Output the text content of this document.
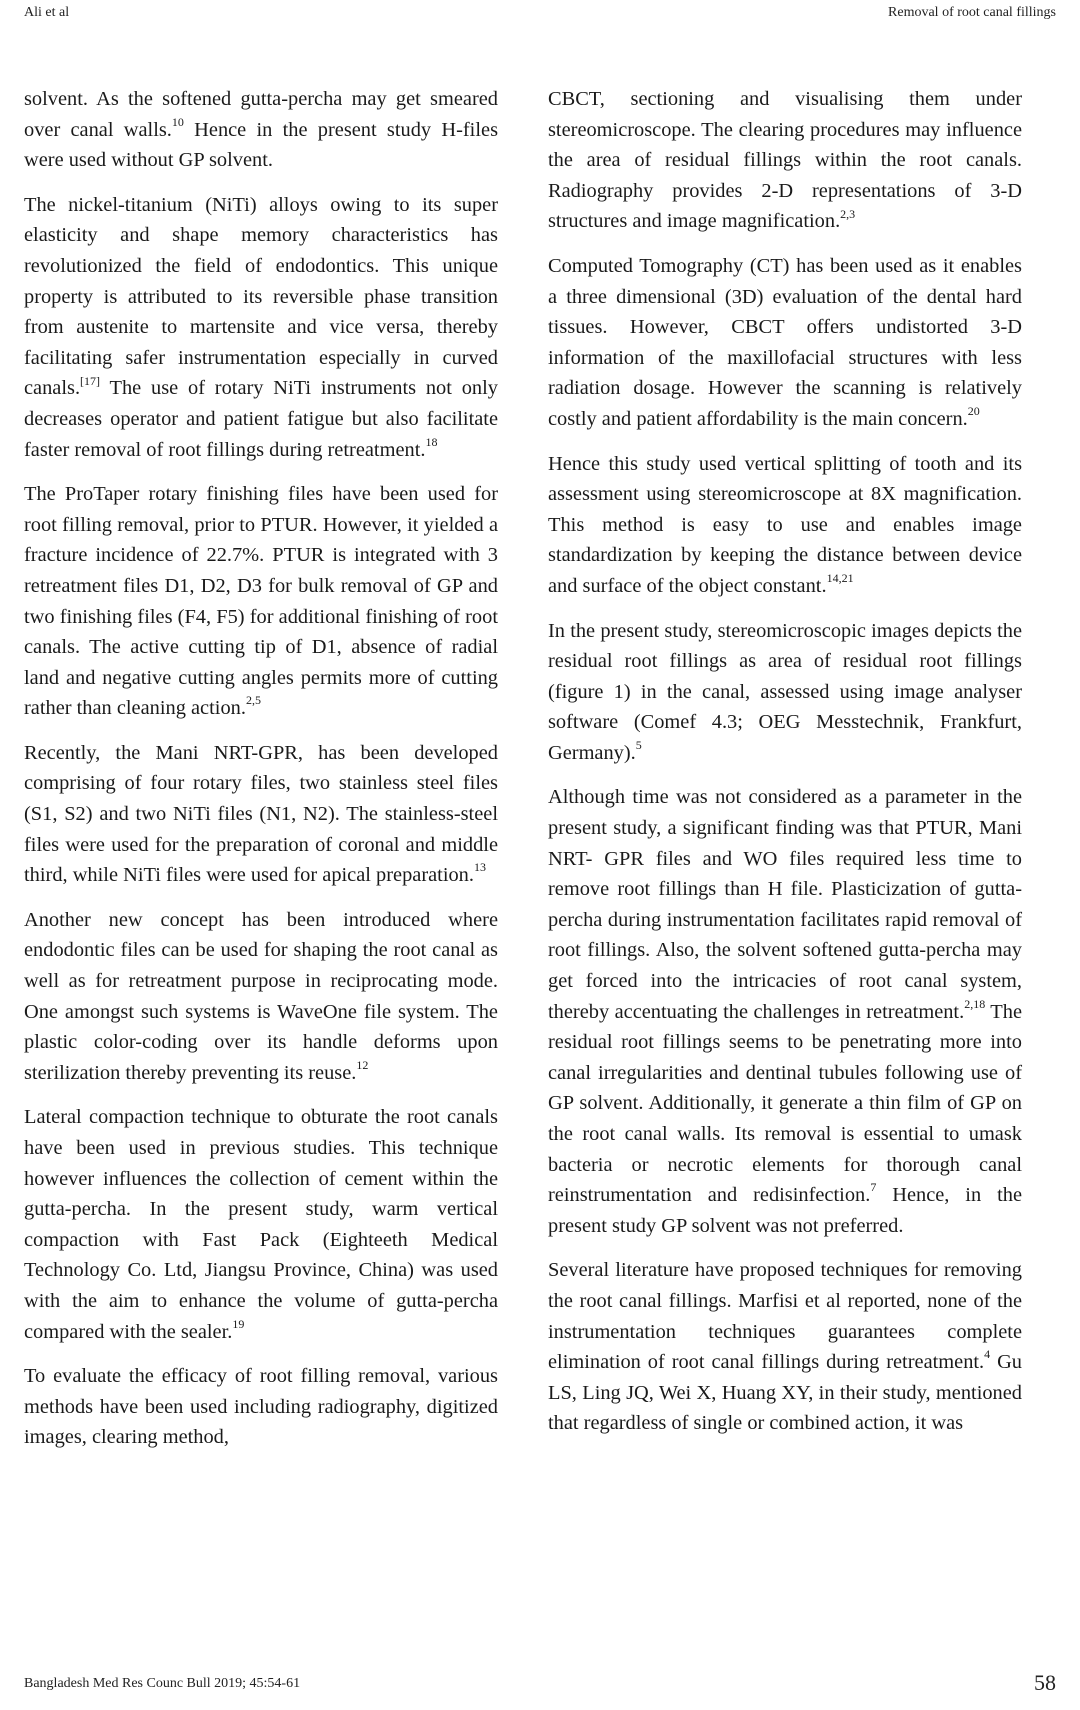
Ali et al	Removal of root canal fillings

solvent. As the softened gutta-percha may get smeared over canal walls.$^{10}$ Hence in the present study H-files were used without GP solvent.

The nickel-titanium (NiTi) alloys owing to its super elasticity and shape memory characteristics has revolutionized the field of endodontics. This unique property is attributed to its reversible phase transition from austenite to martensite and vice versa, thereby facilitating safer instrumentation especially in curved canals.[17] The use of rotary NiTi instruments not only decreases operator and patient fatigue but also facilitate faster removal of root fillings during retreatment.$^{18}$

The ProTaper rotary finishing files have been used for root filling removal, prior to PTUR. However, it yielded a fracture incidence of 22.7%. PTUR is integrated with 3 retreatment files D1, D2, D3 for bulk removal of GP and two finishing files (F4, F5) for additional finishing of root canals. The active cutting tip of D1, absence of radial land and negative cutting angles permits more of cutting rather than cleaning action.$^{2,5}$

Recently, the Mani NRT-GPR, has been developed comprising of four rotary files, two stainless steel files (S1, S2) and two NiTi files (N1, N2). The stainless-steel files were used for the preparation of coronal and middle third, while NiTi files were used for apical preparation.$^{13}$

Another new concept has been introduced where endodontic files can be used for shaping the root canal as well as for retreatment purpose in reciprocating mode. One amongst such systems is WaveOne file system. The plastic color-coding over its handle deforms upon sterilization thereby preventing its reuse.$^{12}$

Lateral compaction technique to obturate the root canals have been used in previous studies. This technique however influences the collection of cement within the gutta-percha. In the present study, warm vertical compaction with Fast Pack (Eighteeth Medical Technology Co. Ltd, Jiangsu Province, China) was used with the aim to enhance the volume of gutta-percha compared with the sealer.$^{19}$

To evaluate the efficacy of root filling removal, various methods have been used including radiography, digitized images, clearing method,

CBCT, sectioning and visualising them under stereomicroscope. The clearing procedures may influence the area of residual fillings within the root canals. Radiography provides 2-D representations of 3-D structures and image magnification.$^{2,3}$

Computed Tomography (CT) has been used as it enables a three dimensional (3D) evaluation of the dental hard tissues. However, CBCT offers undistorted 3-D information of the maxillofacial structures with less radiation dosage. However the scanning is relatively costly and patient affordability is the main concern.$^{20}$

Hence this study used vertical splitting of tooth and its assessment using stereomicroscope at 8X magnification. This method is easy to use and enables image standardization by keeping the distance between device and surface of the object constant.$^{14,21}$

In the present study, stereomicroscopic images depicts the residual root fillings as area of residual root fillings (figure 1) in the canal, assessed using image analyser software (Comef 4.3; OEG Messtechnik, Frankfurt, Germany).$^5$

Although time was not considered as a parameter in the present study, a significant finding was that PTUR, Mani NRT- GPR files and WO files required less time to remove root fillings than H file. Plasticization of gutta-percha during instrumentation facilitates rapid removal of root fillings. Also, the solvent softened gutta-percha may get forced into the intricacies of root canal system, thereby accentuating the challenges in retreatment.$^{2,18}$ The residual root fillings seems to be penetrating more into canal irregularities and dentinal tubules following use of GP solvent. Additionally, it generate a thin film of GP on the root canal walls. Its removal is essential to umask bacteria or necrotic elements for thorough canal reinstrumentation and redisinfection.$^7$ Hence, in the present study GP solvent was not preferred.

Several literature have proposed techniques for removing the root canal fillings. Marfisi et al reported, none of the instrumentation techniques guarantees complete elimination of root canal fillings during retreatment.$^4$ Gu LS, Ling JQ, Wei X, Huang XY, in their study, mentioned that regardless of single or combined action, it was

Bangladesh Med Res Counc Bull 2019; 45:54-61	58
